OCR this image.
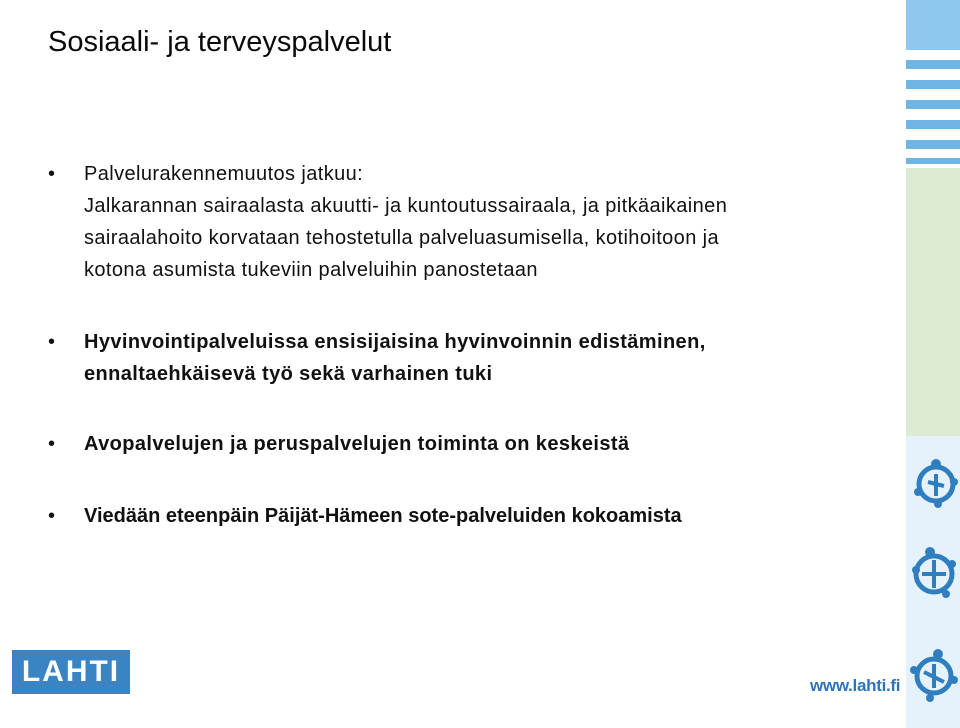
Sosiaali- ja terveyspalvelut
• Palvelurakennemuutos jatkuu:
Jalkarannan sairaalasta akuutti- ja kuntoutussairaala, ja pitkäaikainen
sairaalahoito korvataan tehostetulla palveluasumisella, kotihoitoon ja
kotona asumista tukeviin palveluihin panostetaan
• Hyvinvointipalveluissa ensisijaisina hyvinvoinnin edistäminen,
ennaltaehkäisevä työ sekä varhainen tuki
• Avopalvelujen ja peruspalvelujen toiminta on keskeistä
• Viedään eteenpäin Päijät-Hämeen sote-palveluiden kokoamista
LAHTI	www.lahti.fi
